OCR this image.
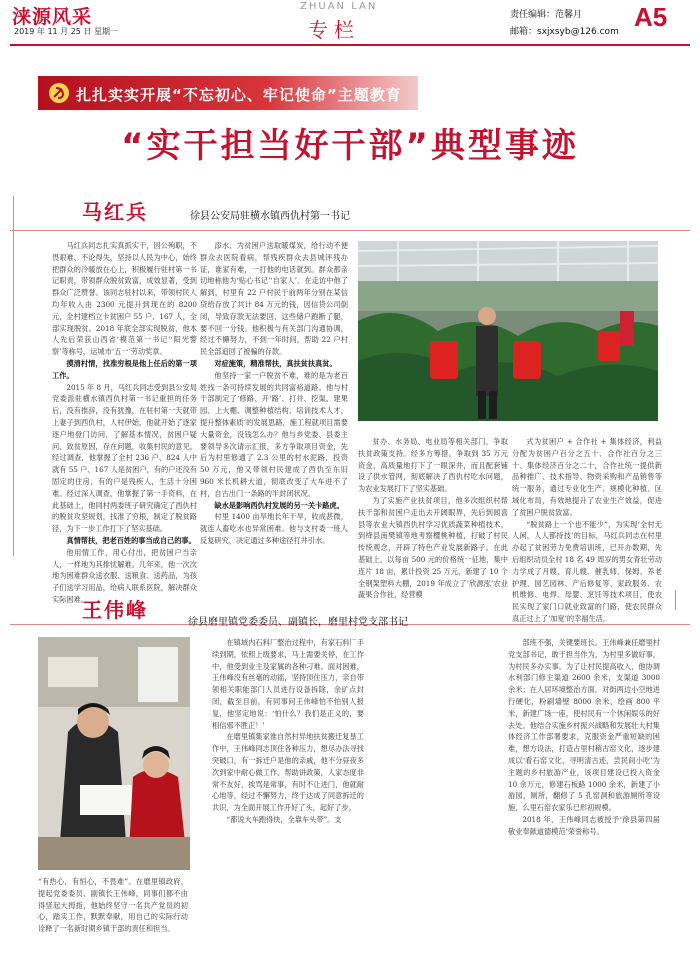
涞源风采
2019 年 11 月 25 日 星期一
ZHUAN LAN
专栏
责任编辑：范馨月
邮箱：sxjxsyb@126.com A5
扎扎实实开展“不忘初心、牢记使命”主题教育
“实干担当好干部”典型事迹
马红兵	徐县公安局驻横水镇西仇村第一书记

马红兵同志扎实真抓实干，因公殉职，不畏艰难、不论得失，坚持以人民为中心，始终把群众的冷暖放在心上，积极履行驻村第一书记职责，带领群众脱贫致富，成效显著，受到群众广泛赞誉。该同志驻村以来，带领村民人均年收入由 2300 元提升到现在的 8200 元，全村建档立卡贫困户 55 户、167 人，全部实现脱贫。2018 年底全部实现脱贫，他本人先后荣获山西省‘模范第一书记’‘阳光警察’等称号，运城市‘五一’劳动奖章。

摸清村情，找准穷根是他上任后的第一项工作。

2015 年 8 月，马红兵同志受到县公安局党委派驻横水镇西仇村第一书记重担的任务后，没有推辞，没有犹豫，在驻村第一天就带上妻子到西仇村，人村伊始，他就开始了逐家逐户地登门访问，了解基本情况，贫困户疑问、致贫原因，存在问题，收集村民的意见。经过调查，他掌握了全村 236 户、824 人中就有 55 户、167 人是贫困户，有的户还没有固定的住房，有的户是残疾人，生活十分困难。经过深入调查，他掌握了第一手资料，在此基础上，他同村两委班子研究确定了西仇村的脱贫攻坚规划，找准了穷根，制定了脱贫路径，为下一步工作打下了坚实基础。

真情帮扶，把老百姓的事当成自己的事。

他用情工作，用心付出，把贫困户当亲人，一样地为其排忧解难。几年来，他一次次地为困难群众送衣服、送粮食、送药品，为孩子们送学习用品，给病人联系医院，解决群众实际困难。

添水、为贫困户送取暖煤炭，给行动不便群众去医院看病，帮残疾群众去县城评残办证，谁家有难，一打他的电话就到。群众都亲切地称他为‘贴心书记’‘自家人’。在走访中他了解到，村里有 22 户村民于前两年分别在某信贷给存放了共计 84 万元的钱，因信贷公司倒闭，导致存款无法要回，这些储户跑断了腿，要不回一分钱。他积极与有关部门沟通协调，经过不懈努力，不到一年时间，帮助 22 户村民全部追回了被骗的存款。

对症施策，精准帮扶，真扶贫扶真贫。

他坚持一家一户脱贫不难，难的是为老百姓找一条可持续发展的共同富裕道路。他与村干部制定了‘修路、开‘路’、打井、挖渠、建果园、上大棚、调整种植结构、培训技术人才，提升整体素质’的发展思路，施工程就项目需要大量资金，没钱怎么办？他与乡党委、县委主要领导多次请示汇报，多方争取项目资金，先后为村里修通了 2.3 公里的村水泥路，投资 50 万元，他又带领村民建成了西仇至东旧 960 米长机耕大道，彻底改变了大车进不了村，自古出门一条路的半封闭状况。

缺水是影响西仇村发展的另一关卡路虎。

村里 1400 亩旱地长年干旱，收成甚微，就连人畜吃水也异常困难。他与支村委一班人反复研究，决定通过多种途径打井引水。

贫办、水务局、电业局等相关部门，争取扶贫政策支持。经多方筹措，争取到 35 万元资金，高质量地打下了一眼深井，而且配套铺设了供水管网，彻底解决了西仇村吃水问题，为农业发展打下了坚实基础。

为了实施产业扶贫项目，他多次组织村帮扶干部和贫困户走出去开阔眼界，先后到闻喜县等农业大镇西仇村学习优质蔬菜种植技术，到绛县南樊镇等地考察樱桃种植，打破了村民传统观念，开辟了特色产业发展新路子。在此基础上，以每亩 500 元的价格统一征地，集中连片 18 亩，累计投资 25 万元，新建了 10 个全钢架塑料大棚，2019 年成立了‘欣源泓’农业蔬果合作社，经营模

式为贫困户 + 合作社 + 集体经济，利益分配为贫困户百分之五十、合作社百分之三十、集体经济百分之二十，合作社统一提供新品种推广、技术指导、物资采购和产品销售等统一服务，通过专业化生产、规模化种植、区域化布局，有效地提升了农业生产效益，促进了贫困户脱贫致富。

“脱贫路上一个也不能少”，为实现‘全村无人闲，人人都持技’的目标，马红兵同志在村里办起了贫困劳力免费培训班，已开办数期，先后组织动员全村 18 名 49 周岁的男女青壮劳动力学成了月嫂、育儿嫂、催乳师、保姆、养老护理、园艺园林、产后修复等、家政服务、农机维修、电焊、母婴、烹饪等技术项目，使农民实现了家门口就业致富的门路，使农民群众真正过上了‘加宽’的幸福生活。

王伟峰
徐县磨里镇党委委员、副镇长，磨里村党支部书记
“有热心，有恒心，不畏难”。在磨里镇政府，提起党委委员、副镇长王伟峰，同事们都不由得竖起大拇指，他始终坚守一名共产党员的初心，踏实工作，默默奉献，用自己的实际行动诠释了一名新时期乡镇干部的责任和担当。

在镇域内石料厂整治过程中，有家石料厂手续到期，依照上级要求，马上需要关停，在工作中，他受到业主及家属的各种刁难。面对困难，王伟峰没有丝毫的动摇，坚持顶住压力，亲自带领相关职能部门人员进行设备拆除，余矿点封闭，截至目前，有同事问王伟峰怕不怕别人报复，他坚定地说：‘怕什么？我们是正义的，要相信邪不胜正！’

在磨里镇集家淮自然村异地扶贫搬迁复垦工作中，王伟峰同志顶住各种压力，想尽办法寻找突破口，有一拆迁户是他的亲戚，他不分昼夜多次到家中耐心做工作，帮助讲政策，人家态度非常不友好，挨骂是常事，有时不让进门，他就耐心地等，经过不懈努力，终于达成了同意拆迁的共识，为全面开展工作开好了头，起好了步。

“都说大车跑得快，全靠车头带”。支

部班不强，关键要班长。王伟峰兼任磨里村党支部书记，敢于担当作为，为村里多做好事，为村民多办实事。为了让村民提高收入，他协调水利部门修主渠道 2600 余米，支渠道 3000 余米；在人居环境整治方面，对街两边小空地进行硬化，粉刷墙壁 8000 余米，绘画 800 平米，新建广场一座，使村民有一个休闲娱乐的好去处。他结合实施乡村振兴战略和发展壮大村集体经济工作部署要求，克服资金严重短缺的困难，想方设法，打造占里村稍古窑文化，逐步建成以‘看石窑文化，寻明清古迹，尝民间小吃’为主题的乡村旅游产业，该项目建设已投入资金 10 余万元，修建石板路 1000 余米，新建了小游园，厕所，翻修了 5 孔窑洞和旅游厕所等设施，么里石窑农家乐已形初规模。

2018 年，王伟峰同志被授予‘徐县第四届敬业奉献道德模范’荣誉称号。
